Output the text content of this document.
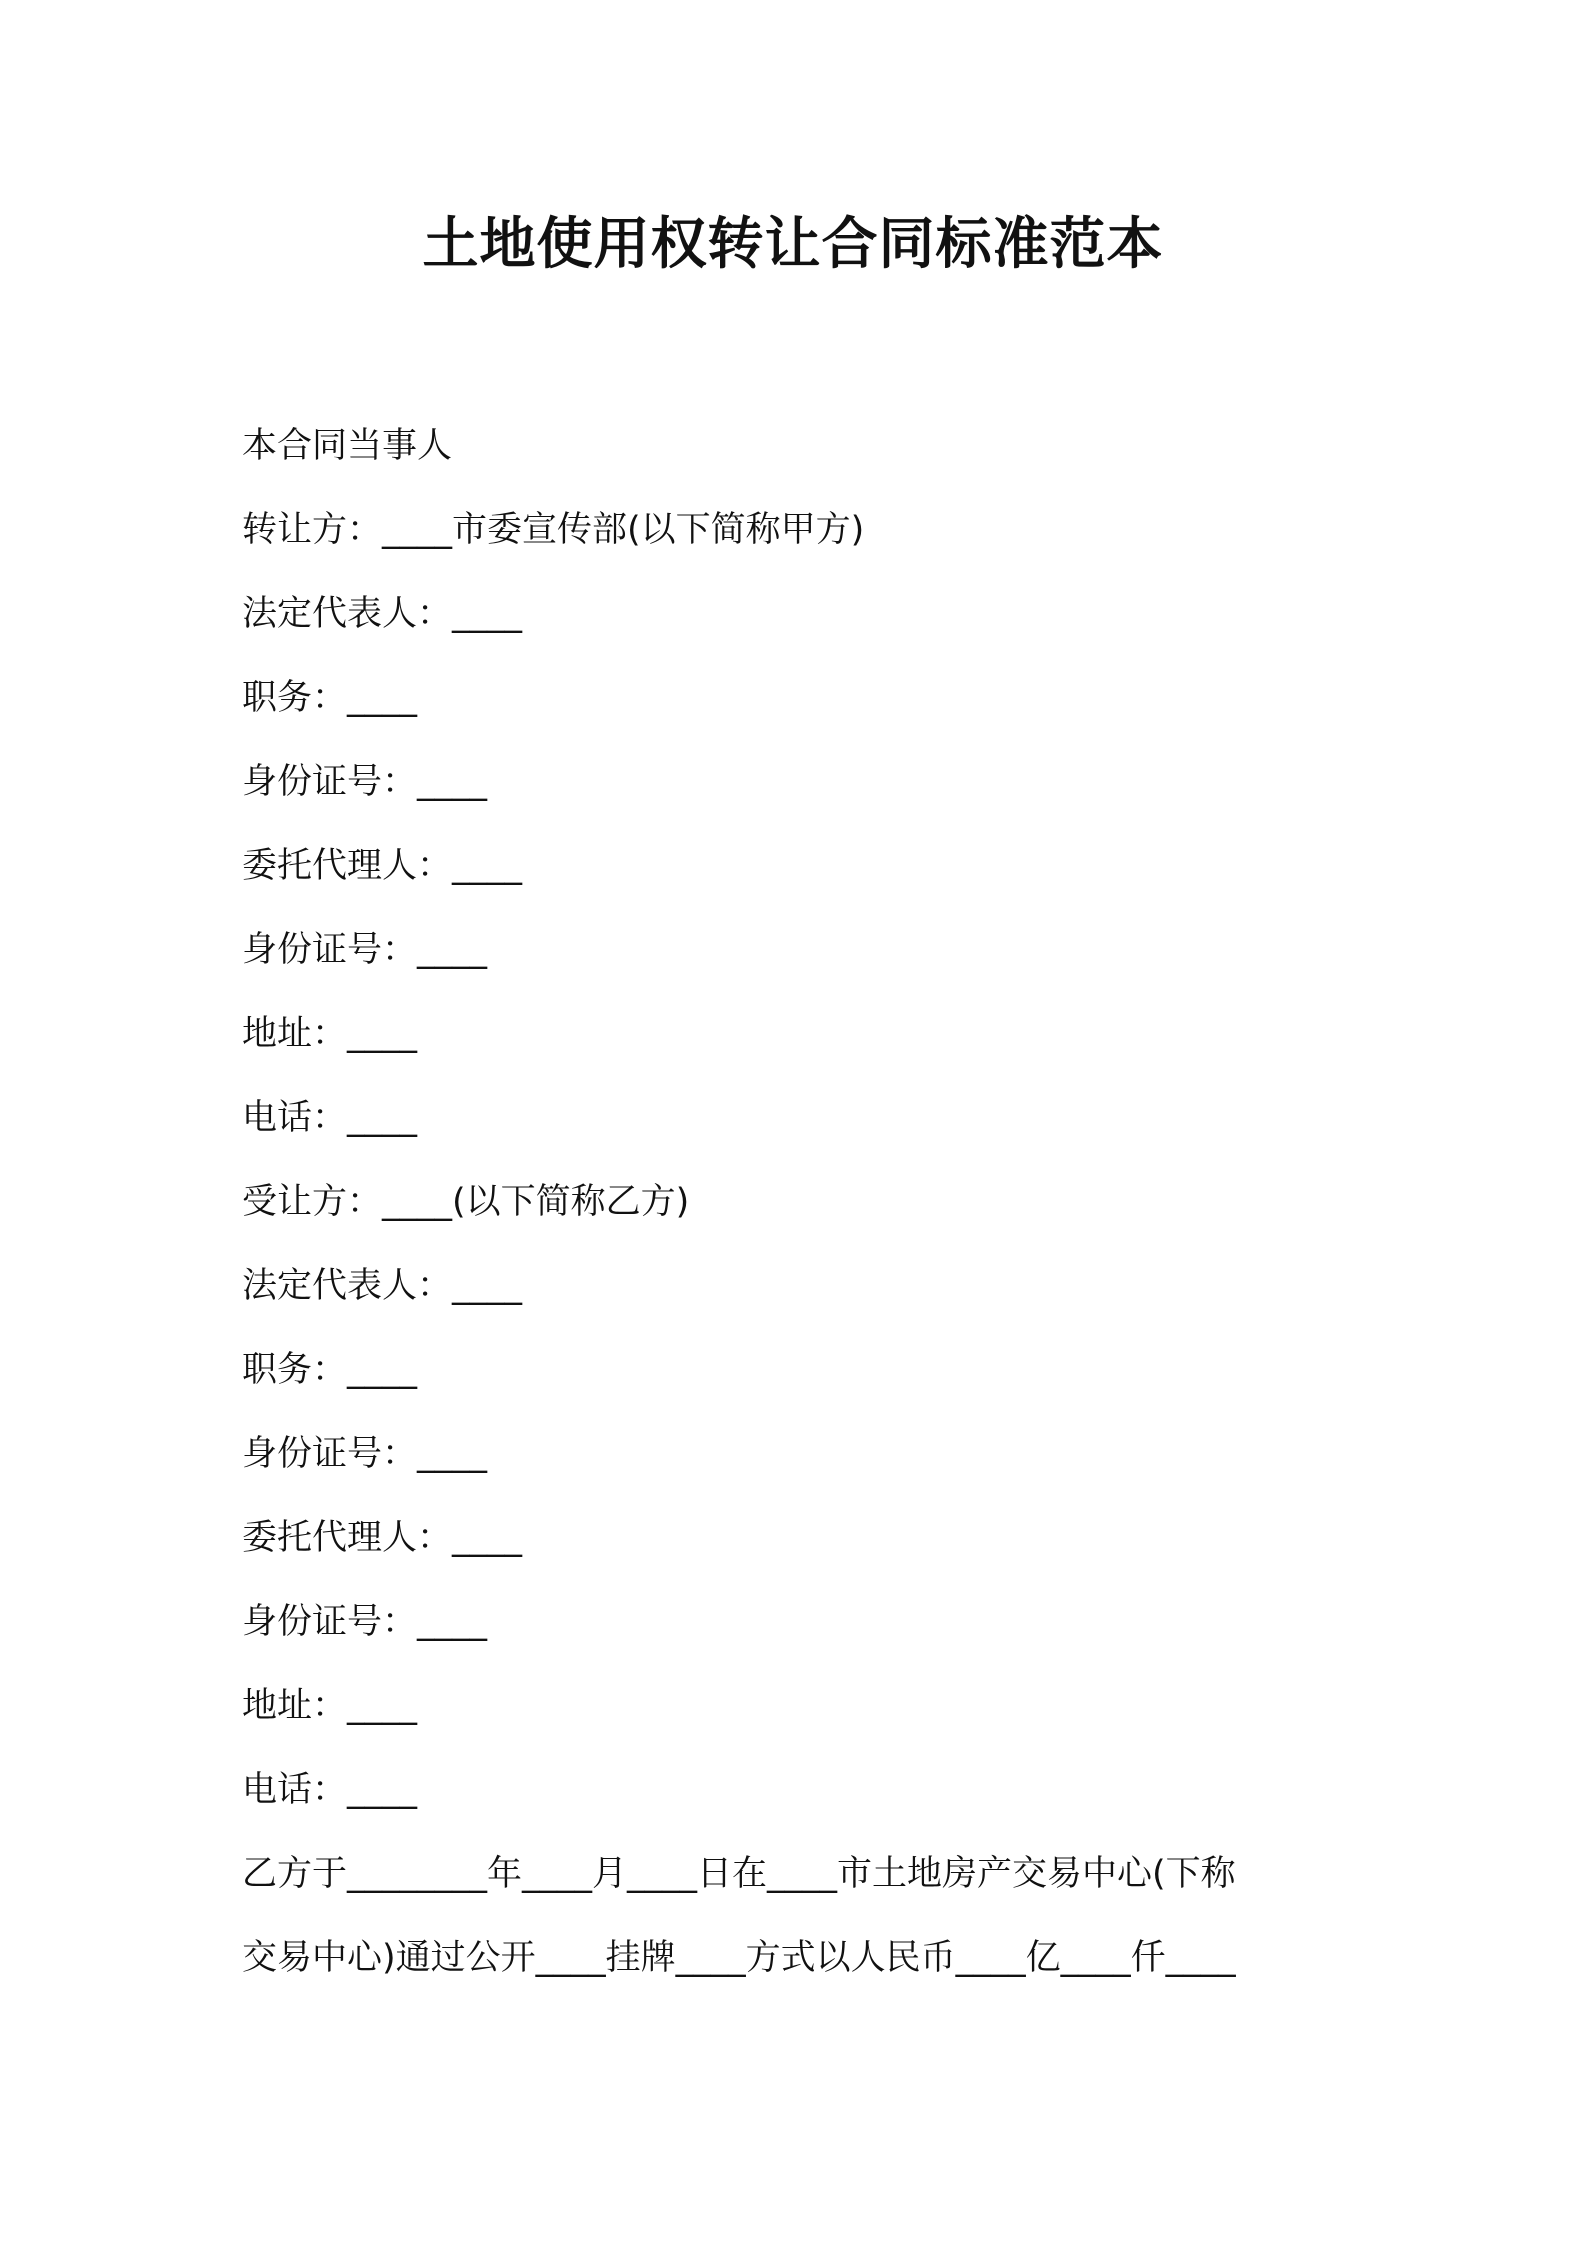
土地使用权转让合同标准范本
本合同当事人
转让方：____市委宣传部(以下简称甲方)
法定代表人：____
职务：____
身份证号：____
委托代理人：____
身份证号：____
地址：____
电话：____
受让方：____(以下简称乙方)
法定代表人：____
职务：____
身份证号：____
委托代理人：____
身份证号：____
地址：____
电话：____
乙方于________年____月____日在____市土地房产交易中心(下称
交易中心)通过公开____挂牌____方式以人民币____亿____仟____
